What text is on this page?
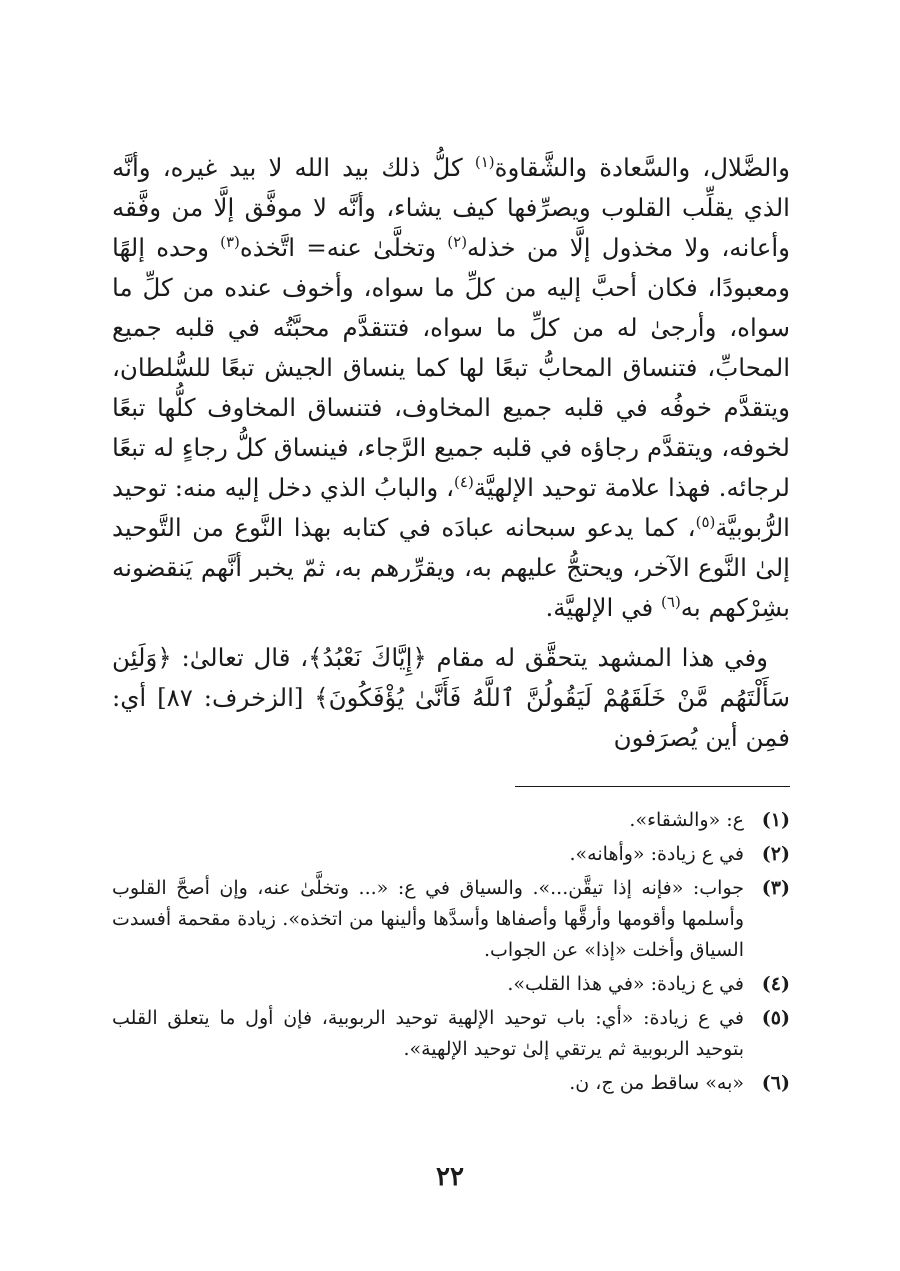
والضَّلال، والسَّعادة والشَّقاوة$^{(١)}$ كلُّ ذلك بيد الله لا بيد غيره، وأنَّه الذي يقلِّب القلوب ويصرِّفها كيف يشاء، وأنَّه لا موفَّق إلَّا من وفَّقه وأعانه، ولا مخذول إلَّا من خذله$^{(٢)}$ وتخلَّىٰ عنه= اتَّخذه$^{(٣)}$ وحده إلهًا ومعبودًا، فكان أحبَّ إليه من كلِّ ما سواه، وأخوف عنده من كلِّ ما سواه، وأرجىٰ له من كلِّ ما سواه، فتتقدَّم محبَّتُه في قلبه جميع المحابِّ، فتنساق المحابُّ تبعًا لها كما ينساق الجيش تبعًا للسُّلطان، ويتقدَّم خوفُه في قلبه جميع المخاوف، فتنساق المخاوف كلُّها تبعًا لخوفه، ويتقدَّم رجاؤه في قلبه جميع الرَّجاء، فينساق كلُّ رجاءٍ له تبعًا لرجائه. فهذا علامة توحيد الإلهيَّة$^{(٤)}$، والبابُ الذي دخل إليه منه: توحيد الرُّبوبيَّة$^{(٥)}$، كما يدعو سبحانه عبادَه في كتابه بهذا النَّوع من التَّوحيد إلىٰ النَّوع الآخر، ويحتجُّ عليهم به، ويقرِّرهم به، ثمّ يخبر أنَّهم يَنقضونه بشِرْكهم به$^{(٦)}$ في الإلهيَّة.

وفي هذا المشهد يتحقَّق له مقام ﴿إِيَّاكَ نَعْبُدُ﴾، قال تعالىٰ: ﴿وَلَئِن سَأَلْتَهُم مَّنْ خَلَقَهُمْ لَيَقُولُنَّ ٱللَّهُ فَأَنَّىٰ يُؤْفَكُونَ﴾ [الزخرف: ٨٧] أي: فمِن أين يُصرَفون

(١)
ع: «والشقاء».
(٢)
في ع زيادة: «وأهانه».
(٣)
جواب: «فإنه إذا تيقَّن...». والسياق في ع: «... وتخلَّىٰ عنه، وإن أصحَّ القلوب وأسلمها وأقومها وأرقَّها وأصفاها وأسدَّها وألينها من اتخذه». زيادة مقحمة أفسدت السياق وأخلت «إذا» عن الجواب.
(٤)
في ع زيادة: «في هذا القلب».
(٥)
في ع زيادة: «أي: باب توحيد الإلهية توحيد الربوبية، فإن أول ما يتعلق القلب بتوحيد الربوبية ثم يرتقي إلىٰ توحيد الإلهية».
(٦)
«به» ساقط من ج، ن.
٢٢
